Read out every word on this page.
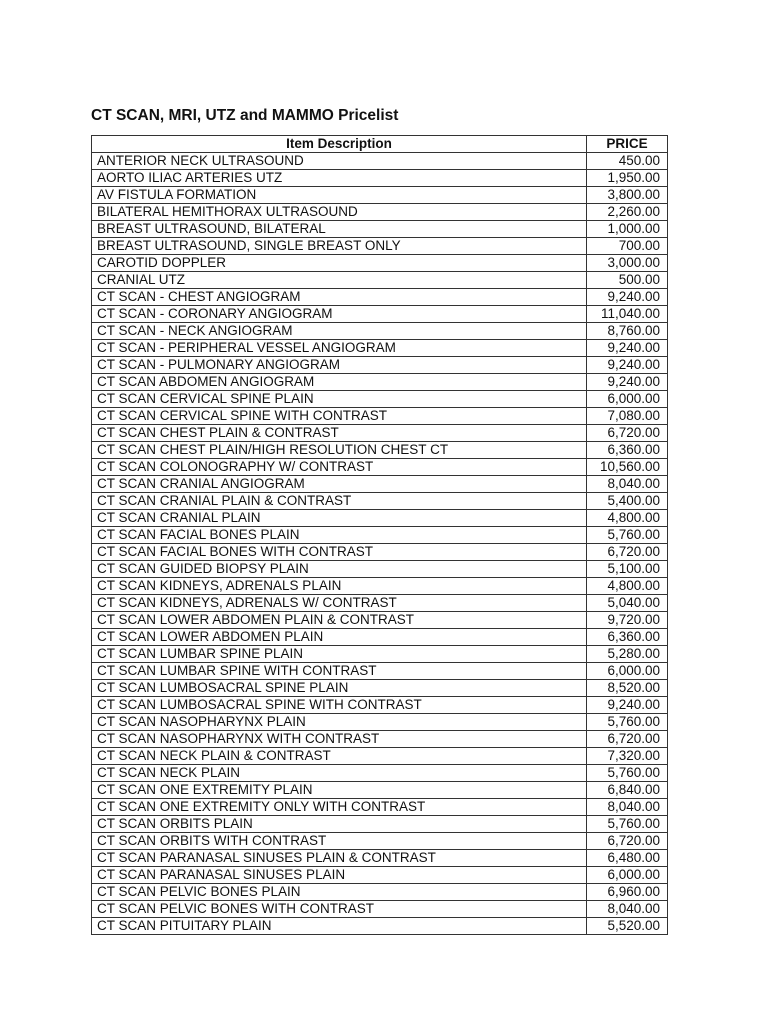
CT SCAN, MRI, UTZ and MAMMO Pricelist
Item Description	PRICE
ANTERIOR NECK ULTRASOUND	450.00
AORTO ILIAC ARTERIES UTZ	1,950.00
AV FISTULA FORMATION	3,800.00
BILATERAL HEMITHORAX ULTRASOUND	2,260.00
BREAST ULTRASOUND, BILATERAL	1,000.00
BREAST ULTRASOUND, SINGLE BREAST ONLY	700.00
CAROTID DOPPLER	3,000.00
CRANIAL UTZ	500.00
CT SCAN - CHEST ANGIOGRAM	9,240.00
CT SCAN - CORONARY ANGIOGRAM	11,040.00
CT SCAN - NECK ANGIOGRAM	8,760.00
CT SCAN - PERIPHERAL VESSEL ANGIOGRAM	9,240.00
CT SCAN - PULMONARY ANGIOGRAM	9,240.00
CT SCAN ABDOMEN ANGIOGRAM	9,240.00
CT SCAN CERVICAL SPINE PLAIN	6,000.00
CT SCAN CERVICAL SPINE WITH CONTRAST	7,080.00
CT SCAN CHEST PLAIN & CONTRAST	6,720.00
CT SCAN CHEST PLAIN/HIGH RESOLUTION CHEST CT	6,360.00
CT SCAN COLONOGRAPHY W/ CONTRAST	10,560.00
CT SCAN CRANIAL ANGIOGRAM	8,040.00
CT SCAN CRANIAL PLAIN & CONTRAST	5,400.00
CT SCAN CRANIAL PLAIN	4,800.00
CT SCAN FACIAL BONES PLAIN	5,760.00
CT SCAN FACIAL BONES WITH CONTRAST	6,720.00
CT SCAN GUIDED BIOPSY PLAIN	5,100.00
CT SCAN KIDNEYS, ADRENALS PLAIN	4,800.00
CT SCAN KIDNEYS, ADRENALS W/ CONTRAST	5,040.00
CT SCAN LOWER ABDOMEN PLAIN & CONTRAST	9,720.00
CT SCAN LOWER ABDOMEN PLAIN	6,360.00
CT SCAN LUMBAR SPINE PLAIN	5,280.00
CT SCAN LUMBAR SPINE WITH CONTRAST	6,000.00
CT SCAN LUMBOSACRAL SPINE PLAIN	8,520.00
CT SCAN LUMBOSACRAL SPINE WITH CONTRAST	9,240.00
CT SCAN NASOPHARYNX PLAIN	5,760.00
CT SCAN NASOPHARYNX WITH CONTRAST	6,720.00
CT SCAN NECK PLAIN & CONTRAST	7,320.00
CT SCAN NECK PLAIN	5,760.00
CT SCAN ONE EXTREMITY PLAIN	6,840.00
CT SCAN ONE EXTREMITY ONLY WITH CONTRAST	8,040.00
CT SCAN ORBITS PLAIN	5,760.00
CT SCAN ORBITS WITH CONTRAST	6,720.00
CT SCAN PARANASAL SINUSES PLAIN & CONTRAST	6,480.00
CT SCAN PARANASAL SINUSES PLAIN	6,000.00
CT SCAN PELVIC BONES PLAIN	6,960.00
CT SCAN PELVIC BONES WITH CONTRAST	8,040.00
CT SCAN PITUITARY PLAIN	5,520.00
